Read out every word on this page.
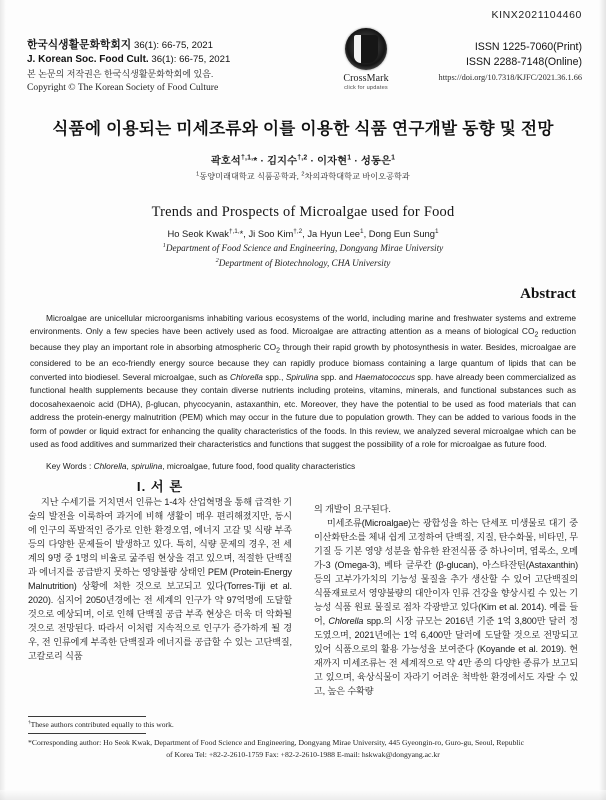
KINX2021104460
한국식생활문화학회지 36(1): 66-75, 2021
J. Korean Soc. Food Cult. 36(1): 66-75, 2021
본 논문의 저작권은 한국식생활문화학회에 있음.
Copyright © The Korean Society of Food Culture
CrossMark
click for updates
ISSN 1225-7060(Print)
ISSN 2288-7148(Online)
https://doi.org/10.7318/KJFC/2021.36.1.66
식품에 이용되는 미세조류와 이를 이용한 식품 연구개발 동향 및 전망
곽호석$^{\dagger,1,}$* · 김지수$^{\dagger,2}$ · 이자현$^1$ · 성동은$^1$
$^1$동양미래대학교 식품공학과, $^2$차의과학대학교 바이오공학과
Trends and Prospects of Microalgae used for Food
Ho Seok Kwak$^{\dagger,1,}$*, Ji Soo Kim$^{\dagger,2}$, Ja Hyun Lee$^1$, Dong Eun Sung$^1$
$^1$Department of Food Science and Engineering, Dongyang Mirae University
$^2$Department of Biotechnology, CHA University
Abstract
Microalgae are unicellular microorganisms inhabiting various ecosystems of the world, including marine and freshwater systems and extreme environments. Only a few species have been actively used as food. Microalgae are attracting attention as a means of biological $CO_2$ reduction because they play an important role in absorbing atmospheric $CO_2$ through their rapid growth by photosynthesis in water. Besides, microalgae are considered to be an eco-friendly energy source because they can rapidly produce biomass containing a large quantum of lipids that can be converted into biodiesel. Several microalgae, such as Chlorella spp., Spirulina spp. and Haematococcus spp. have already been commercialized as functional health supplements because they contain diverse nutrients including proteins, vitamins, minerals, and functional substances such as docosahexaenoic acid (DHA), β-glucan, phycocyanin, astaxanthin, etc. Moreover, they have the potential to be used as food materials that can address the protein-energy malnutrition (PEM) which may occur in the future due to population growth. They can be added to various foods in the form of powder or liquid extract for enhancing the quality characteristics of the foods. In this review, we analyzed several microalgae which can be used as food additives and summarized their characteristics and functions that suggest the possibility of a role for microalgae as future food.
Key Words : Chlorella, spirulina, microalgae, future food, food quality characteristics
I. 서 론

지난 수세기를 거치면서 인류는 1-4차 산업혁명을 통해 급격한 기술의 발전을 이룩하여 과거에 비해 생활이 매우 편리해졌지만, 동시에 인구의 폭발적인 증가로 인한 환경오염, 에너지 고갈 및 식량 부족 등의 다양한 문제들이 발생하고 있다. 특히, 식량 문제의 경우, 전 세계의 9명 중 1명의 비율로 굶주림 현상을 겪고 있으며, 적절한 단백질과 에너지를 공급받지 못하는 영양불량 상태인 PEM (Protein-Energy Malnutrition) 상황에 처한 것으로 보고되고 있다(Torres-Tiji et al. 2020). 심지어 2050년경에는 전 세계의 인구가 약 97억명에 도달할 것으로 예상되며, 이로 인해 단백질 공급 부족 현상은 더욱 더 악화될 것으로 전망된다. 따라서 이처럼 지속적으로 인구가 증가하게 될 경우, 전 인류에게 부족한 단백질과 에너지를 공급할 수 있는 고단백질, 고칼로리 식품

의 개발이 요구된다.

미세조류(Microalgae)는 광합성을 하는 단세포 미생물로 대기 중 이산화탄소를 체내 쉽게 고정하여 단백질, 지질, 탄수화물, 비타민, 무기질 등 기본 영양 성분을 함유한 완전식품 중 하나이며, 엽록소, 오메가-3 (Omega-3), 베타 글루칸 (β-glucan), 아스타잔틴(Astaxanthin) 등의 고부가가치의 기능성 물질을 추가 생산할 수 있어 고단백질의 식품재료로서 영양불량의 대안이자 인류 건강을 향상시킬 수 있는 기능성 식품 원료 물질로 점차 각광받고 있다(Kim et al. 2014). 예를 들어, Chlorella spp.의 시장 규모는 2016년 기준 1억 3,800만 달러 정도였으며, 2021년에는 1억 6,400만 달러에 도달할 것으로 전망되고 있어 식품으로의 활용 가능성을 보여준다 (Koyande et al. 2019). 현재까지 미세조류는 전 세계적으로 약 4만 종의 다양한 종류가 보고되고 있으며, 육상식물이 자라기 어려운 척박한 환경에서도 자랄 수 있고, 높은 수확량

†These authors contributed equally to this work.
*Corresponding author: Ho Seok Kwak, Department of Food Science and Engineering, Dongyang Mirae University, 445 Gyeongin-ro, Guro-gu, Seoul, Republic
of Korea Tel: +82-2-2610-1759 Fax: +82-2-2610-1988 E-mail: hskwak@dongyang.ac.kr
